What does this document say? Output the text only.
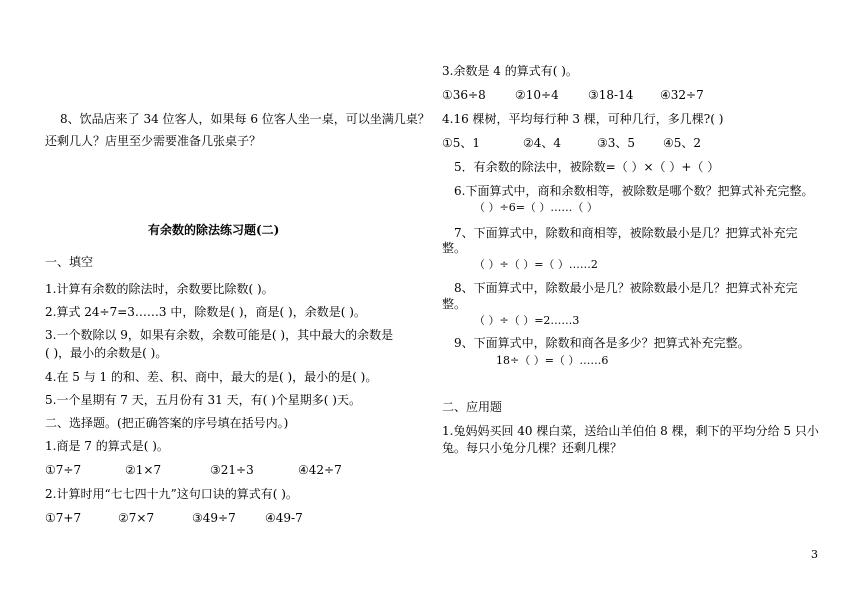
8、饮品店来了 34 位客人，如果每 6 位客人坐一桌，可以坐满几桌？
还剩几人？店里至少需要准备几张桌子？
有余数的除法练习题(二)
一、填空
1.计算有余数的除法时，余数要比除数( )。
2.算式 24÷7=3……3 中，除数是( )，商是( )，余数是( )。
3.一个数除以 9，如果有余数，余数可能是( )，其中最大的余数是
( )，最小的余数是( )。
4.在 5 与 1 的和、差、积、商中，最大的是( )，最小的是( )。
5.一个星期有 7 天，五月份有 31 天，有( )个星期多( )天。
二、选择题。(把正确答案的序号填在括号内。)
1.商是 7 的算式是( )。
①7÷7	②1×7	③21÷3	④42÷7
2.计算时用“七七四十九”这句口诀的算式有( )。
①7+7	②7×7	③49÷7 ④49-7
3.余数是 4 的算式有( )。
①36÷8 ②10÷4 ③18-14 ④32÷7
4.16 棵树，平均每行种 3 棵，可种几行，多几棵?( )
①5、1	②4、4	③3、5 ④5、2
5．有余数的除法中，被除数=（ ）×（ ）+（ ）
6.下面算式中，商和余数相等，被除数是哪个数？把算式补充完整。
（ ）÷6=（ ）……（ ）
7、下面算式中，除数和商相等，被除数最小是几？把算式补充完
整。
（ ）÷（ ）=（ ）……2
8、下面算式中，除数最小是几？被除数最小是几？把算式补充完
整。
（ ）÷（ ）=2……3
9、下面算式中，除数和商各是多少？把算式补充完整。
18÷（ ）=（ ）……6
二、应用题
1.兔妈妈买回 40 棵白菜，送给山羊伯伯 8 棵，剩下的平均分给 5 只小
兔。每只小兔分几棵？还剩几棵？
3
